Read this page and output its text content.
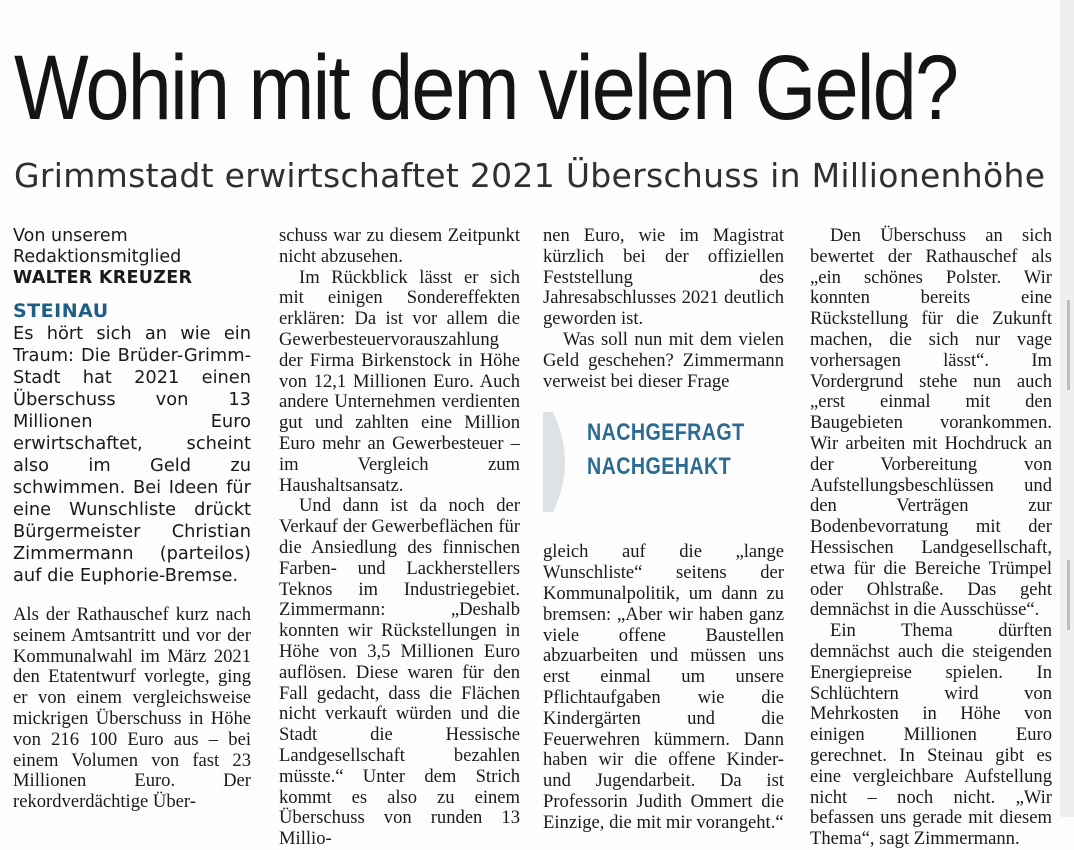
Wohin mit dem vielen Geld?
Grimmstadt erwirtschaftet 2021 Überschuss in Millionenhöhe
Von unserem
Redaktionsmitglied
WALTER KREUZER
STEINAU

Es hört sich an wie ein Traum: Die Brüder-Grimm-Stadt hat 2021 einen Überschuss von 13 Millionen Euro erwirtschaftet, scheint also im Geld zu schwimmen. Bei Ideen für eine Wunschliste drückt Bürgermeister Christian Zimmermann (parteilos) auf die Euphorie-Bremse.

Als der Rathauschef kurz nach seinem Amtsantritt und vor der Kommunalwahl im März 2021 den Etatentwurf vorlegte, ging er von einem vergleichsweise mickrigen Überschuss in Höhe von 216 100 Euro aus – bei einem Volumen von fast 23 Millionen Euro. Der rekordverdächtige Über-

schuss war zu diesem Zeitpunkt nicht abzusehen.

Im Rückblick lässt er sich mit einigen Sondereffekten erklären: Da ist vor allem die Gewerbesteuervorauszahlung der Firma Birkenstock in Höhe von 12,1 Millionen Euro. Auch andere Unternehmen verdienten gut und zahlten eine Million Euro mehr an Gewerbesteuer – im Vergleich zum Haushaltsansatz.

Und dann ist da noch der Verkauf der Gewerbeflächen für die Ansiedlung des finnischen Farben- und Lackherstellers Teknos im Industriegebiet. Zimmermann: „Deshalb konnten wir Rückstellungen in Höhe von 3,5 Millionen Euro auflösen. Diese waren für den Fall gedacht, dass die Flächen nicht verkauft würden und die Stadt die Hessische Landgesellschaft bezahlen müsste.“ Unter dem Strich kommt es also zu einem Überschuss von runden 13 Millio-

nen Euro, wie im Magistrat kürzlich bei der offiziellen Feststellung des Jahresabschlusses 2021 deutlich geworden ist.

Was soll nun mit dem vielen Geld geschehen? Zimmermann verweist bei dieser Frage

NACHGEFRAGT
NACHGEHAKT

gleich auf die „lange Wunschliste“ seitens der Kommunalpolitik, um dann zu bremsen: „Aber wir haben ganz viele offene Baustellen abzuarbeiten und müssen uns erst einmal um unsere Pflichtaufgaben wie die Kindergärten und die Feuerwehren kümmern. Dann haben wir die offene Kinder- und Jugendarbeit. Da ist Professorin Judith Ommert die Einzige, die mit mir vorangeht.“

Den Überschuss an sich bewertet der Rathauschef als „ein schönes Polster. Wir konnten bereits eine Rückstellung für die Zukunft machen, die sich nur vage vorhersagen lässt“. Im Vordergrund stehe nun auch „erst einmal mit den Baugebieten vorankommen. Wir arbeiten mit Hochdruck an der Vorbereitung von Aufstellungsbeschlüssen und den Verträgen zur Bodenbevorratung mit der Hessischen Landgesellschaft, etwa für die Bereiche Trümpel oder Ohlstraße. Das geht demnächst in die Ausschüsse“.

Ein Thema dürften demnächst auch die steigenden Energiepreise spielen. In Schlüchtern wird von Mehrkosten in Höhe von einigen Millionen Euro gerechnet. In Steinau gibt es eine vergleichbare Aufstellung nicht – noch nicht. „Wir befassen uns gerade mit diesem Thema“, sagt Zimmermann.
